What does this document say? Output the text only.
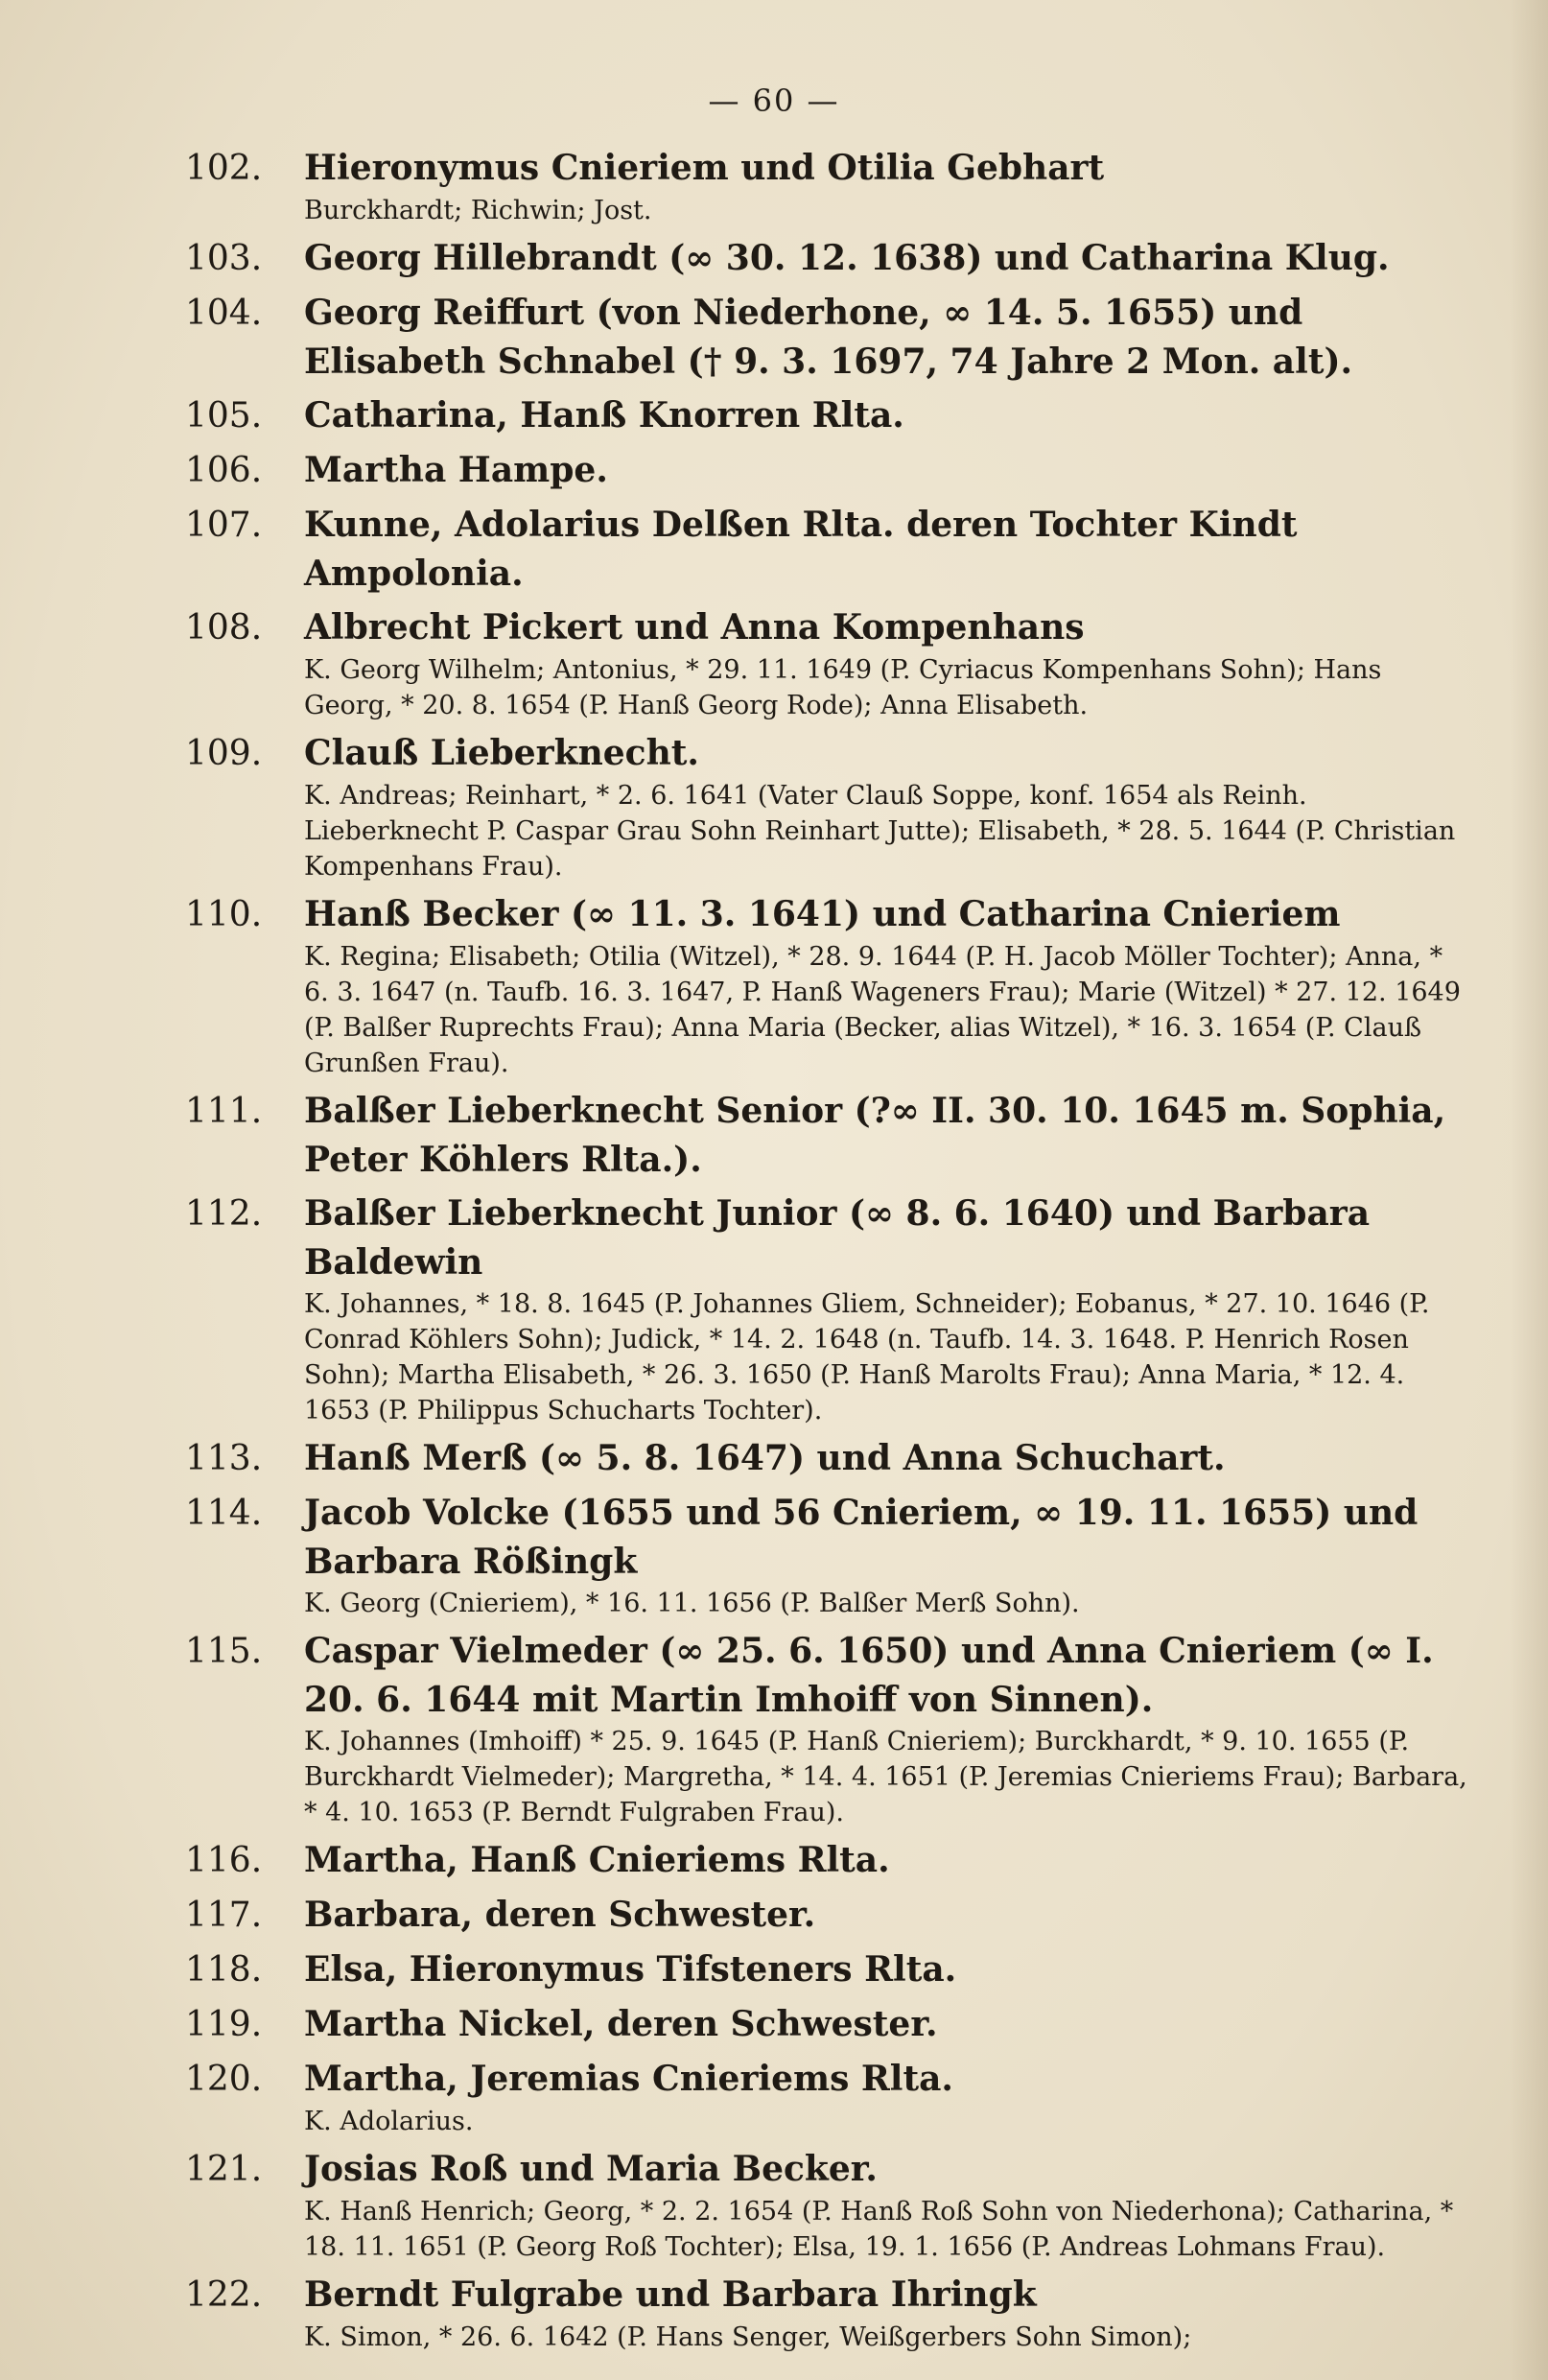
— 60 —
102. Hieronymus Cnieriem und Otilia Gebhart
Burckhardt; Richwin; Jost.
103. Georg Hillebrandt (∞ 30. 12. 1638) und Catharina Klug.
104. Georg Reiffurt (von Niederhone, ∞ 14. 5. 1655) und Elisabeth Schnabel († 9. 3. 1697, 74 Jahre 2 Mon. alt).
105. Catharina, Hanß Knorren Rlta.
106. Martha Hampe.
107. Kunne, Adolarius Delßen Rlta. deren Tochter Kindt Ampolonia.
108. Albrecht Pickert und Anna Kompenhans
K. Georg Wilhelm; Antonius, * 29. 11. 1649 (P. Cyriacus Kompenhans Sohn); Hans Georg, * 20. 8. 1654 (P. Hanß Georg Rode); Anna Elisabeth.
109. Clauß Lieberknecht.
K. Andreas; Reinhart, * 2. 6. 1641 (Vater Clauß Soppe, konf. 1654 als Reinh. Lieberknecht P. Caspar Grau Sohn Reinhart Jutte); Elisabeth, * 28. 5. 1644 (P. Christian Kompenhans Frau).
110. Hanß Becker (∞ 11. 3. 1641) und Catharina Cnieriem
K. Regina; Elisabeth; Otilia (Witzel), * 28. 9. 1644 (P. H. Jacob Möller Tochter); Anna, * 6. 3. 1647 (n. Taufb. 16. 3. 1647, P. Hanß Wageners Frau); Marie (Witzel) * 27. 12. 1649 (P. Balßer Ruprechts Frau); Anna Maria (Becker, alias Witzel), * 16. 3. 1654 (P. Clauß Grunßen Frau).
111. Balßer Lieberknecht Senior (?∞ II. 30. 10. 1645 m. Sophia, Peter Köhlers Rlta.).
112. Balßer Lieberknecht Junior (∞ 8. 6. 1640) und Barbara Baldewin
K. Johannes, * 18. 8. 1645 (P. Johannes Gliem, Schneider); Eobanus, * 27. 10. 1646 (P. Conrad Köhlers Sohn); Judick, * 14. 2. 1648 (n. Taufb. 14. 3. 1648. P. Henrich Rosen Sohn); Martha Elisabeth, * 26. 3. 1650 (P. Hanß Marolts Frau); Anna Maria, * 12. 4. 1653 (P. Philippus Schucharts Tochter).
113. Hanß Merß (∞ 5. 8. 1647) und Anna Schuchart.
114. Jacob Volcke (1655 und 56 Cnieriem, ∞ 19. 11. 1655) und Barbara Rößingk
K. Georg (Cnieriem), * 16. 11. 1656 (P. Balßer Merß Sohn).
115. Caspar Vielmeder (∞ 25. 6. 1650) und Anna Cnieriem (∞ I. 20. 6. 1644 mit Martin Imhoiff von Sinnen).
K. Johannes (Imhoiff) * 25. 9. 1645 (P. Hanß Cnieriem); Burckhardt, * 9. 10. 1655 (P. Burckhardt Vielmeder); Margretha, * 14. 4. 1651 (P. Jeremias Cnieriems Frau); Barbara, * 4. 10. 1653 (P. Berndt Fulgraben Frau).
116. Martha, Hanß Cnieriems Rlta.
117. Barbara, deren Schwester.
118. Elsa, Hieronymus Tifsteners Rlta.
119. Martha Nickel, deren Schwester.
120. Martha, Jeremias Cnieriems Rlta.
K. Adolarius.
121. Josias Roß und Maria Becker.
K. Hanß Henrich; Georg, * 2. 2. 1654 (P. Hanß Roß Sohn von Niederhona); Catharina, * 18. 11. 1651 (P. Georg Roß Tochter); Elsa, 19. 1. 1656 (P. Andreas Lohmans Frau).
122. Berndt Fulgrabe und Barbara Ihringk
K. Simon, * 26. 6. 1642 (P. Hans Senger, Weißgerbers Sohn Simon);
